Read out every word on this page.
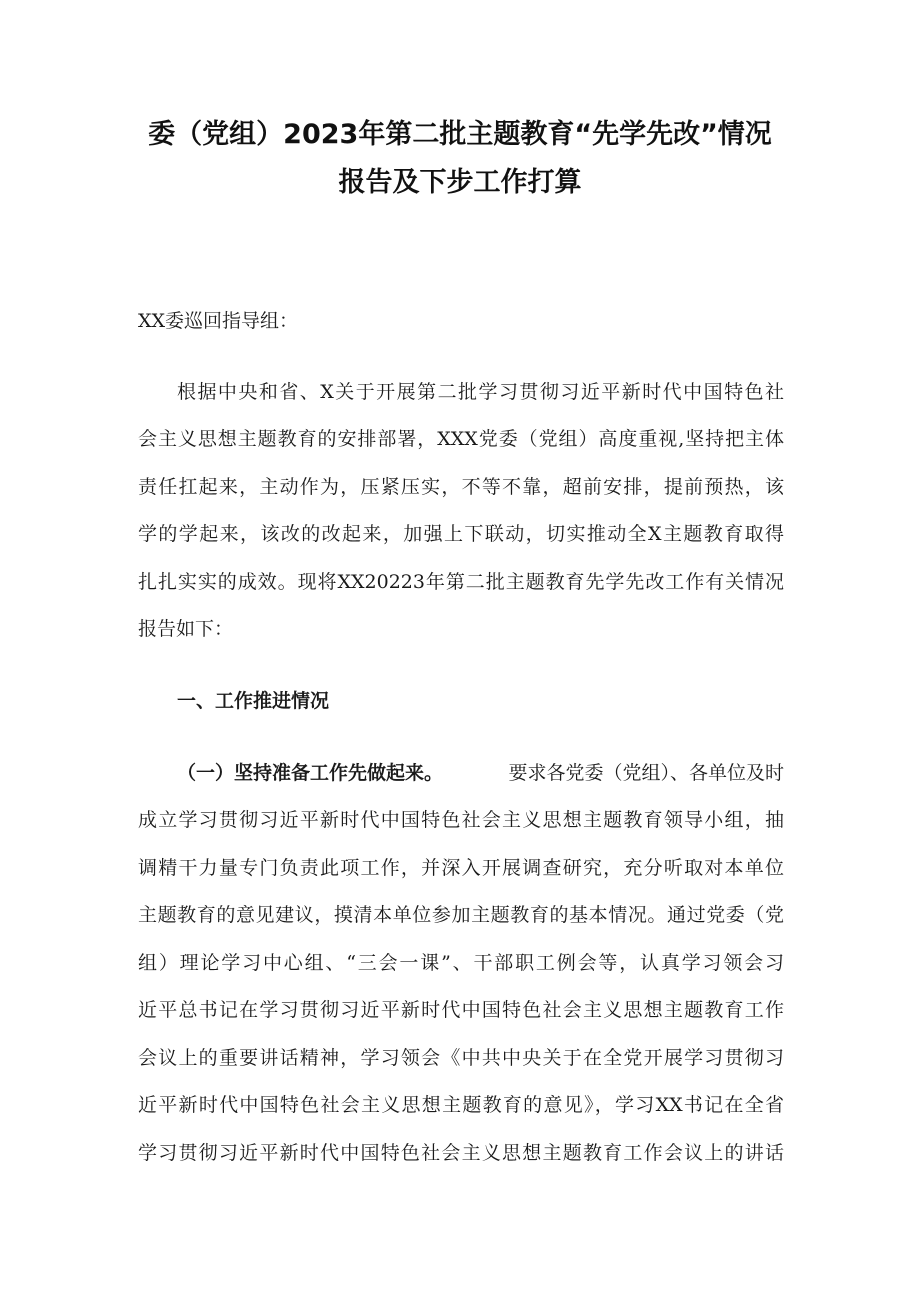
委（党组）2023年第二批主题教育“先学先改”情况
报告及下步工作打算
XX委巡回指导组：
根据中央和省、X关于开展第二批学习贯彻习近平新时代中国特色社
会主义思想主题教育的安排部署，XXX党委（党组）高度重视,坚持把主体
责任扛起来，主动作为，压紧压实，不等不靠，超前安排，提前预热，该
学的学起来，该改的改起来，加强上下联动，切实推动全X主题教育取得
扎扎实实的成效。现将XX20223年第二批主题教育先学先改工作有关情况
报告如下：
一、工作推进情况
（一）坚持准备工作先做起来。	要求各党委（党组）、各单位及时
成立学习贯彻习近平新时代中国特色社会主义思想主题教育领导小组，抽
调精干力量专门负责此项工作，并深入开展调查研究，充分听取对本单位
主题教育的意见建议，摸清本单位参加主题教育的基本情况。通过党委（党
组）理论学习中心组、“三会一课”、干部职工例会等，认真学习领会习
近平总书记在学习贯彻习近平新时代中国特色社会主义思想主题教育工作
会议上的重要讲话精神，学习领会《中共中央关于在全党开展学习贯彻习
近平新时代中国特色社会主义思想主题教育的意见》，学习XX书记在全省
学习贯彻习近平新时代中国特色社会主义思想主题教育工作会议上的讲话
